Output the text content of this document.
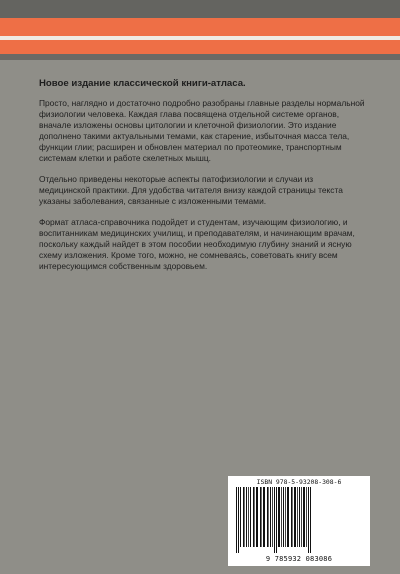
Новое издание классической книги-атласа.

Просто, наглядно и достаточно подробно разобраны главные разделы нормальной физиологии человека. Каждая глава посвящена отдельной системе органов, вначале изложены основы цитологии и клеточной физиологии. Это издание дополнено такими актуальными темами, как старение, избыточная масса тела, функции глии; расширен и обновлен материал по протеомике, транспортным системам клетки и работе скелетных мышц.

Отдельно приведены некоторые аспекты патофизиологии и случаи из медицинской практики. Для удобства читателя внизу каждой страницы текста указаны заболевания, связанные с изложенными темами.

Формат атласа-справочника подойдет и студентам, изучающим физиологию, и воспитанникам медицинских училищ, и преподавателям, и начинающим врачам, поскольку каждый найдет в этом пособии необходимую глубину знаний и ясную схему изложения. Кроме того, можно, не сомневаясь, советовать книгу всем интересующимся собственным здоровьем.

ISBN 978-5-93208-308-6
9 785932 083086
